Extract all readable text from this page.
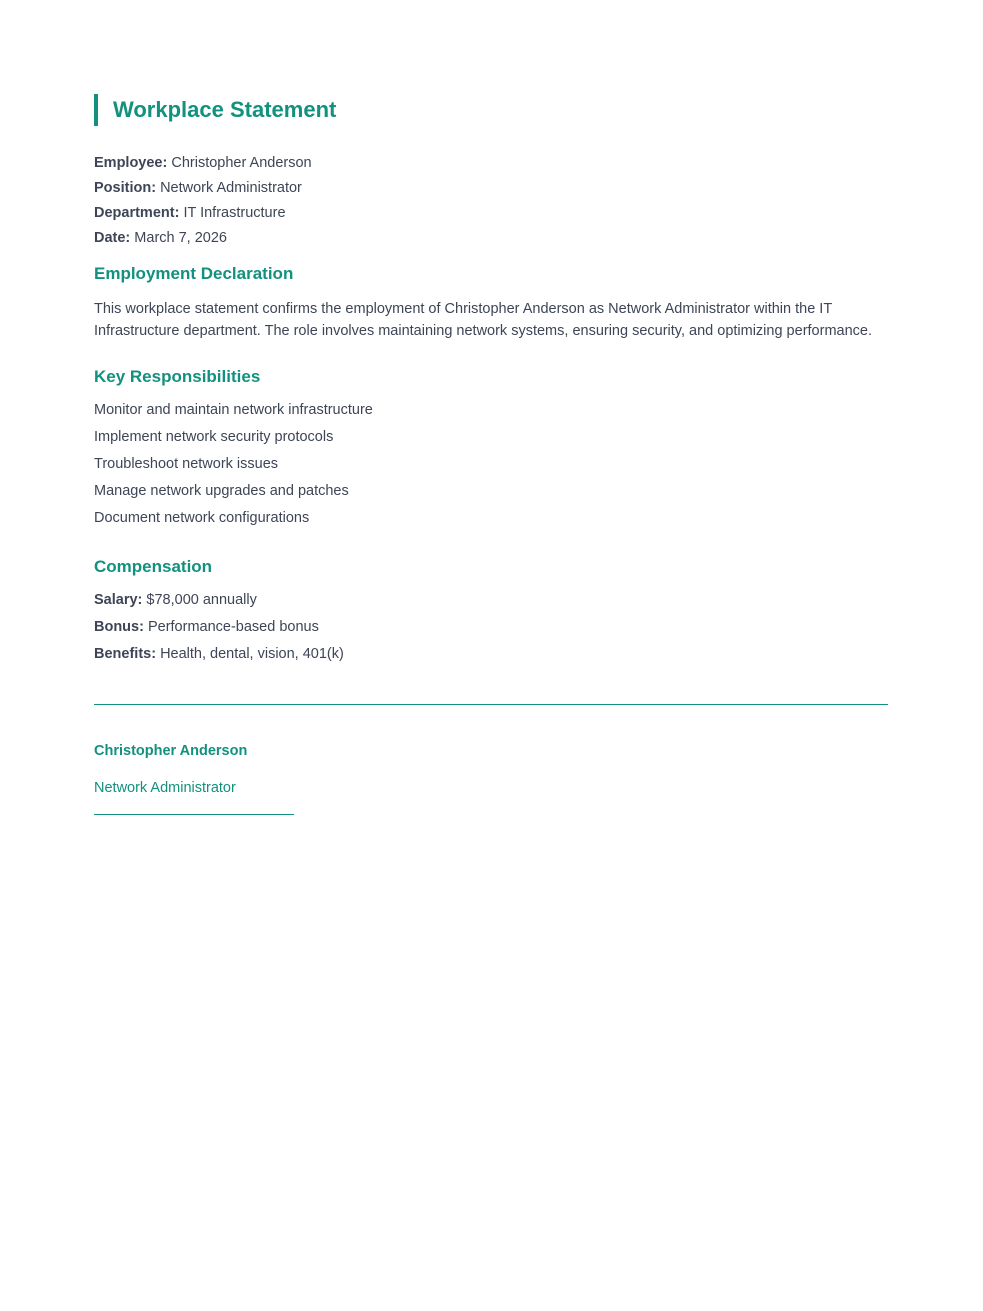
Workplace Statement
Employee: Christopher Anderson
Position: Network Administrator
Department: IT Infrastructure
Date: March 7, 2026
Employment Declaration
This workplace statement confirms the employment of Christopher Anderson as Network Administrator within the IT Infrastructure department. The role involves maintaining network systems, ensuring security, and optimizing performance.
Key Responsibilities
Monitor and maintain network infrastructure
Implement network security protocols
Troubleshoot network issues
Manage network upgrades and patches
Document network configurations
Compensation
Salary: $78,000 annually
Bonus: Performance-based bonus
Benefits: Health, dental, vision, 401(k)
Christopher Anderson
Network Administrator
